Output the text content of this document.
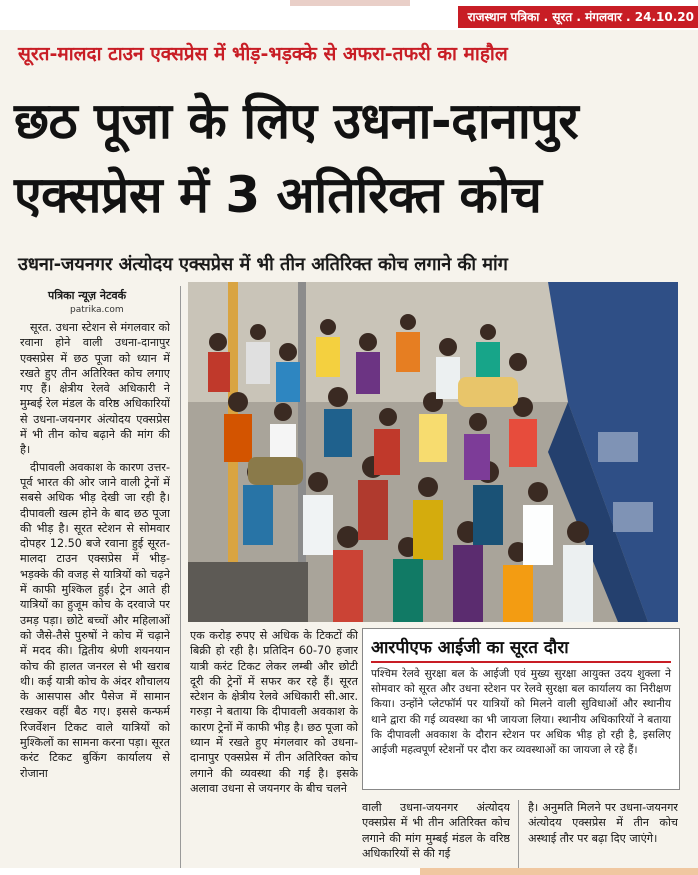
राजस्थान पत्रिका . सूरत . मंगलवार . 24.10.20
सूरत-मालदा टाउन एक्सप्रेस में भीड़-भड़क्के से अफरा-तफरी का माहौल
छठ पूजा के लिए उधना-दानापुर एक्सप्रेस में 3 अतिरिक्त कोच
उधना-जयनगर अंत्योदय एक्सप्रेस में भी तीन अतिरिक्त कोच लगाने की मांग
पत्रिका न्यूज़ नेटवर्क
patrika.com

सूरत. उधना स्टेशन से मंगलवार को रवाना होने वाली उधना-दानापुर एक्सप्रेस में छठ पूजा को ध्यान में रखते हुए तीन अतिरिक्त कोच लगाए गए हैं। क्षेत्रीय रेलवे अधिकारी ने मुम्बई रेल मंडल के वरिष्ठ अधिकारियों से उधना-जयनगर अंत्योदय एक्सप्रेस में भी तीन कोच बढ़ाने की मांग की है।

दीपावली अवकाश के कारण उत्तर-पूर्व भारत की ओर जाने वाली ट्रेनों में सबसे अधिक भीड़ देखी जा रही है। दीपावली खत्म होने के बाद छठ पूजा की भीड़ है। सूरत स्टेशन से सोमवार दोपहर 12.50 बजे रवाना हुई सूरत-मालदा टाउन एक्सप्रेस में भीड़-भड़क्के की वजह से यात्रियों को चढ़ने में काफी मुश्किल हुई। ट्रेन आते ही यात्रियों का हुजूम कोच के दरवाजे पर उमड़ पड़ा। छोटे बच्चों और महिलाओं को जैसे-तैसे पुरुषों ने कोच में चढ़ाने में मदद की। द्वितीय श्रेणी शयनयान कोच की हालत जनरल से भी खराब थी। कई यात्री कोच के अंदर शौचालय के आसपास और पैसेज में सामान रखकर वहीं बैठ गए। इससे कन्फर्म रिजर्वेशन टिकट वाले यात्रियों को मुश्किलों का सामना करना पड़ा। सूरत करंट टिकट बुकिंग कार्यालय से रोजाना

एक करोड़ रुपए से अधिक के टिकटों की बिक्री हो रही है। प्रतिदिन 60-70 हजार यात्री करंट टिकट लेकर लम्बी और छोटी दूरी की ट्रेनों में सफर कर रहे हैं। सूरत स्टेशन के क्षेत्रीय रेलवे अधिकारी सी.आर. गरुड़ा ने बताया कि दीपावली अवकाश के कारण ट्रेनों में काफी भीड़ है। छठ पूजा को ध्यान में रखते हुए मंगलवार को उधना-दानापुर एक्सप्रेस में तीन अतिरिक्त कोच लगाने की व्यवस्था की गई है। इसके अलावा उधना से जयनगर के बीच चलने
आरपीएफ आईजी का सूरत दौरा

पश्चिम रेलवे सुरक्षा बल के आईजी एवं मुख्य सुरक्षा आयुक्त उदय शुक्ला ने सोमवार को सूरत और उधना स्टेशन पर रेलवे सुरक्षा बल कार्यालय का निरीक्षण किया। उन्होंने प्लेटफॉर्म पर यात्रियों को मिलने वाली सुविधाओं और स्थानीय थाने द्वारा की गई व्यवस्था का भी जायजा लिया। स्थानीय अधिकारियों ने बताया कि दीपावली अवकाश के दौरान स्टेशन पर अधिक भीड़ हो रही है, इसलिए आईजी महत्वपूर्ण स्टेशनों पर दौरा कर व्यवस्थाओं का जायजा ले रहे हैं।

वाली उधना-जयनगर अंत्योदय एक्सप्रेस में भी तीन अतिरिक्त कोच लगाने की मांग मुम्बई मंडल के वरिष्ठ अधिकारियों से की गई
है। अनुमति मिलने पर उधना-जयनगर अंत्योदय एक्सप्रेस में तीन कोच अस्थाई तौर पर बढ़ा दिए जाएंगे।
